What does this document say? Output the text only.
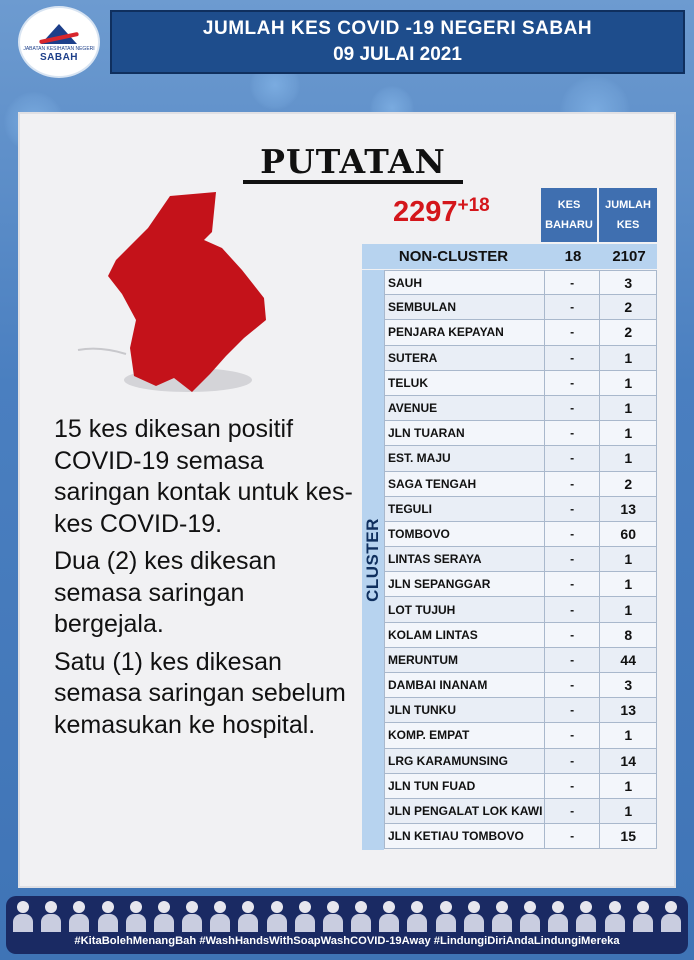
JABATAN KESIHATAN NEGERI
SABAH
JUMLAH KES COVID -19 NEGERI SABAH
09 JULAI 2021
PUTATAN
2297+18

15 kes dikesan positif COVID-19 semasa saringan kontak untuk kes-kes COVID-19.

Dua (2) kes dikesan semasa saringan bergejala.

Satu (1) kes dikesan semasa saringan sebelum kemasukan ke hospital.

KES BAHARU
JUMLAH KES
NON-CLUSTER	18	2107
CLUSTER
SAUH	-	3
SEMBULAN	-	2
PENJARA KEPAYAN	-	2
SUTERA	-	1
TELUK	-	1
AVENUE	-	1
JLN TUARAN	-	1
EST. MAJU	-	1
SAGA TENGAH	-	2
TEGULI	-	13
TOMBOVO	-	60
LINTAS SERAYA	-	1
JLN SEPANGGAR	-	1
LOT TUJUH	-	1
KOLAM LINTAS	-	8
MERUNTUM	-	44
DAMBAI INANAM	-	3
JLN TUNKU	-	13
KOMP. EMPAT	-	1
LRG KARAMUNSING	-	14
JLN TUN FUAD	-	1
JLN PENGALAT LOK KAWI	-	1
JLN KETIAU TOMBOVO	-	15
#KitaBolehMenangBah #WashHandsWithSoapWashCOVID-19Away #LindungiDiriAndaLindungiMereka
